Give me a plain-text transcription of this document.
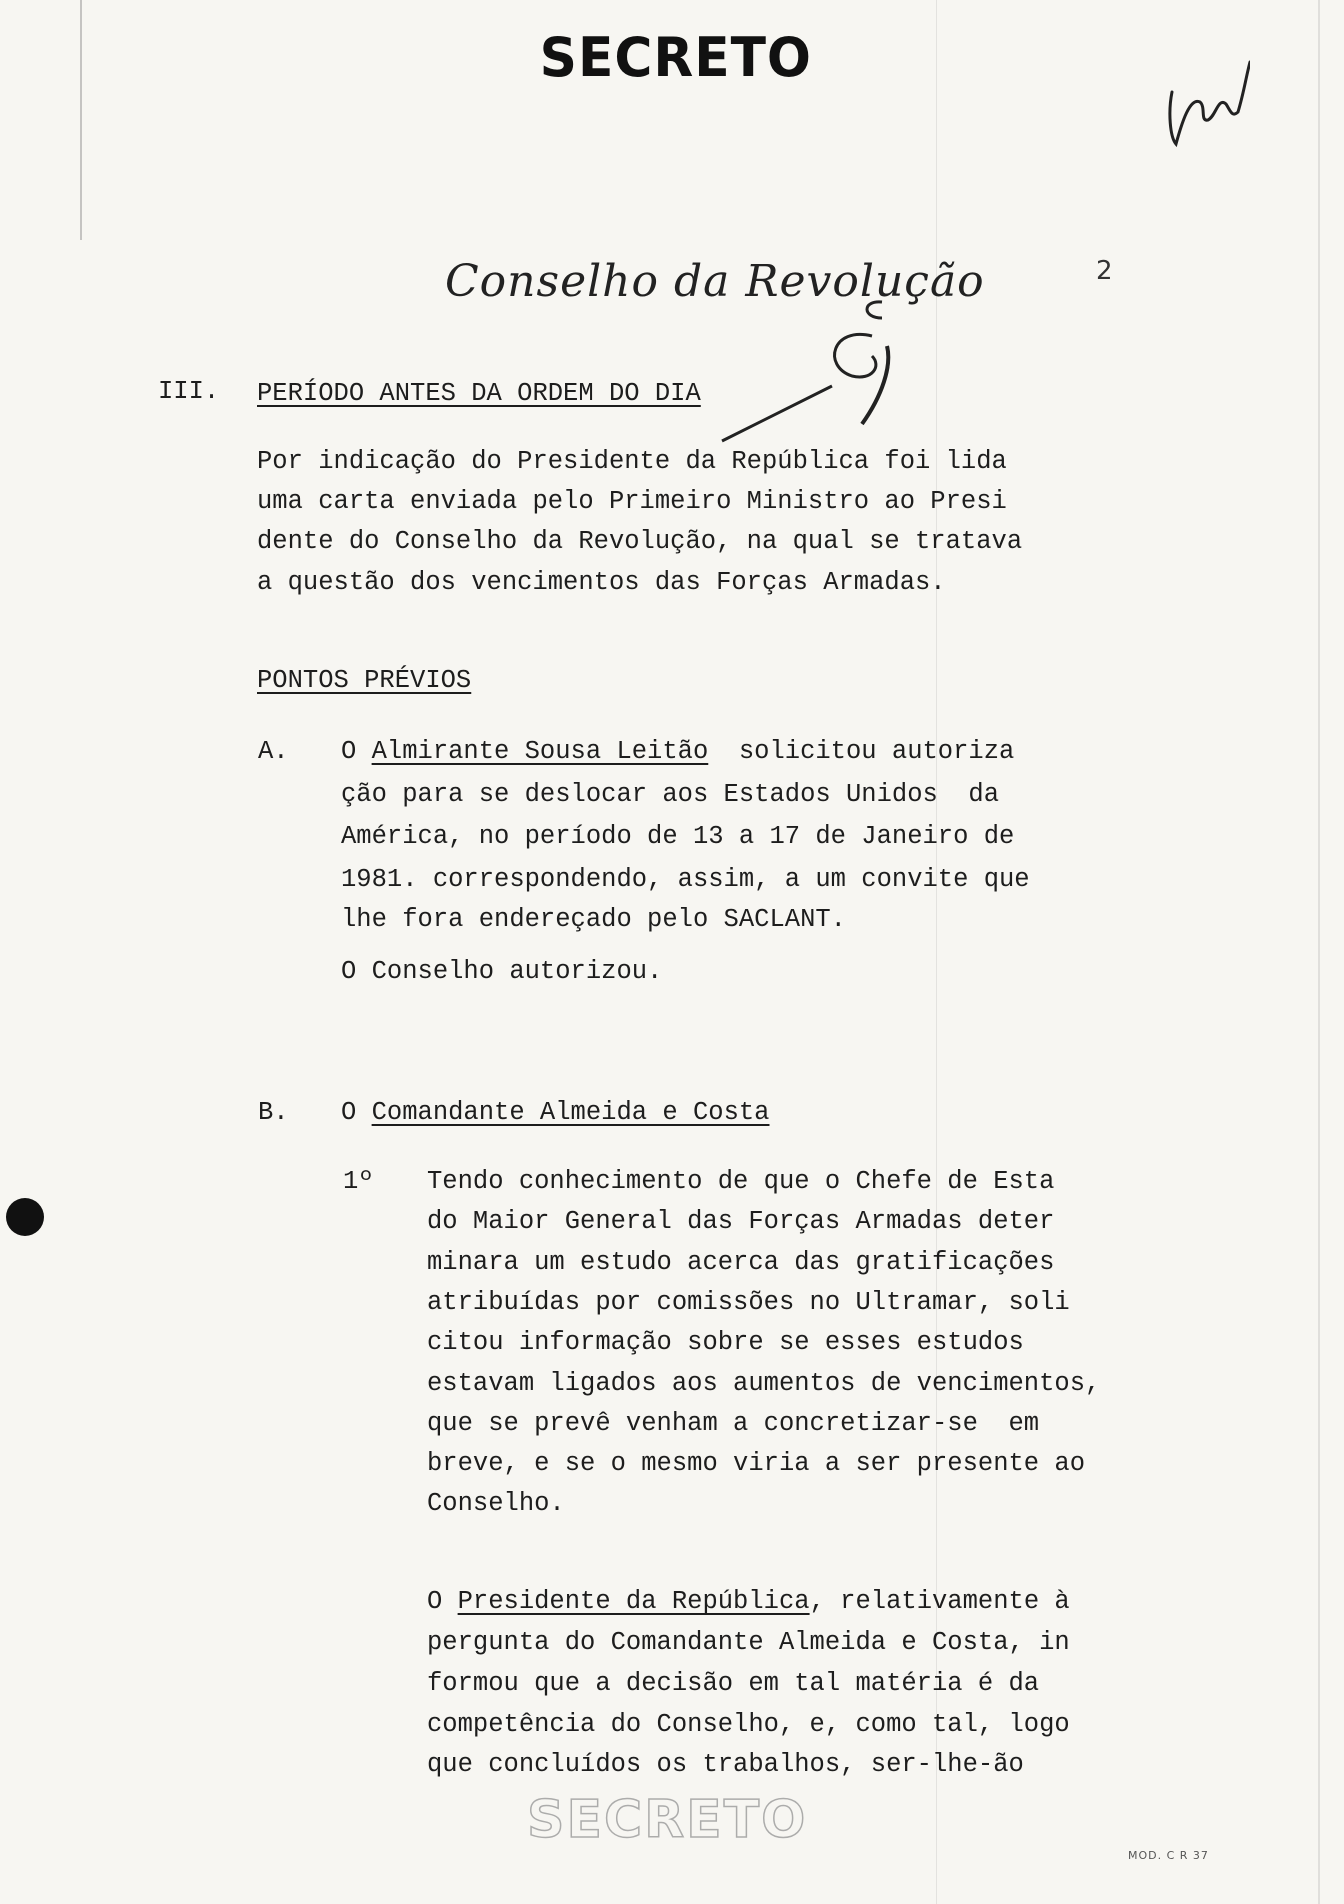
SECRETO
2
Conselho da Revolução
III. PERÍODO ANTES DA ORDEM DO DIA
Por indicação do Presidente da República foi lida
uma carta enviada pelo Primeiro Ministro ao Presi
dente do Conselho da Revolução, na qual se tratava
a questão dos vencimentos das Forças Armadas.
PONTOS PRÉVIOS
A. O Almirante Sousa Leitão  solicitou autoriza
ção para se deslocar aos Estados Unidos  da
América, no período de 13 a 17 de Janeiro de
1981. correspondendo, assim, a um convite que
lhe fora endereçado pelo SACLANT.
O Conselho autorizou.
B. O Comandante Almeida e Costa
1º Tendo conhecimento de que o Chefe de Esta
do Maior General das Forças Armadas deter
minara um estudo acerca das gratificações
atribuídas por comissões no Ultramar, soli
citou informação sobre se esses estudos
estavam ligados aos aumentos de vencimentos,
que se prevê venham a concretizar-se  em
breve, e se o mesmo viria a ser presente ao
Conselho.
O Presidente da República, relativamente à
pergunta do Comandante Almeida e Costa, in
formou que a decisão em tal matéria é da
competência do Conselho, e, como tal, logo
que concluídos os trabalhos, ser-lhe-ão
SECRETO
MOD. C R 37
